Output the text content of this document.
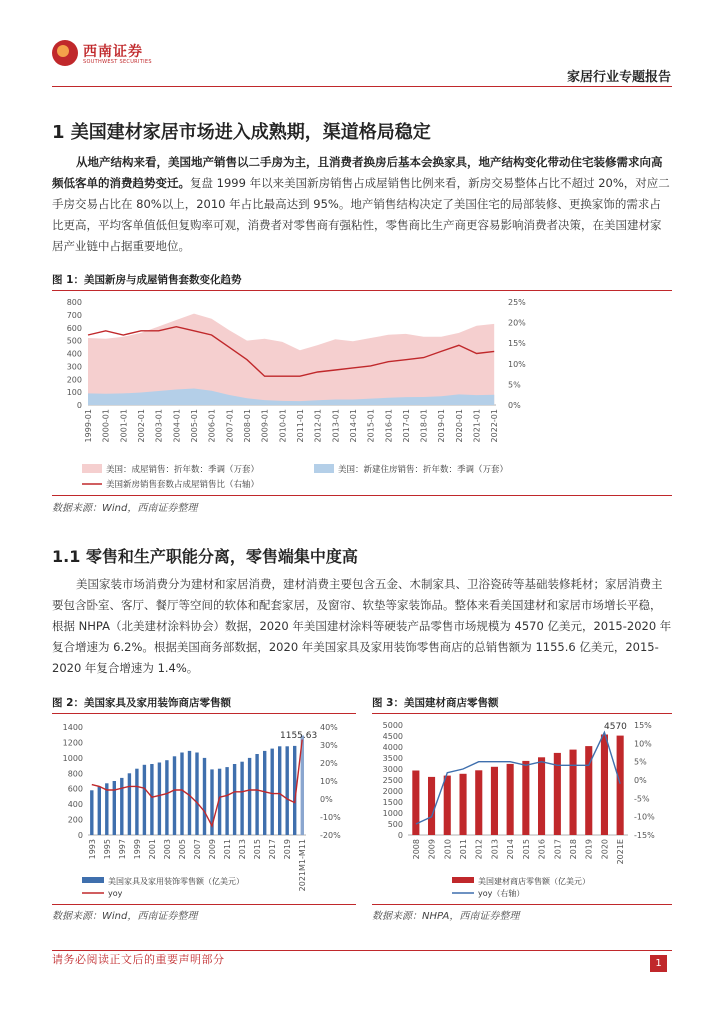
西南证券
SOUTHWEST SECURITIES
家居行业专题报告
1 美国建材家居市场进入成熟期，渠道格局稳定
从地产结构来看，美国地产销售以二手房为主，且消费者换房后基本会换家具，地产结构变化带动住宅装修需求向高频低客单的消费趋势变迁。复盘 1999 年以来美国新房销售占成屋销售比例来看，新房交易整体占比不超过 20%，对应二手房交易占比在 80%以上，2010 年占比最高达到 95%。地产销售结构决定了美国住宅的局部装修、更换家饰的需求占比更高，平均客单值低但复购率可观，消费者对零售商有强粘性，零售商比生产商更容易影响消费者决策，在美国建材家居产业链中占据重要地位。
图 1：美国新房与成屋销售套数变化趋势
0
100
200
300
400
500
600
700
800
0%
5%
10%
15%
20%
25%
1999-01 2000-01 2001-01 2002-01 2003-01 2004-01 2005-01 2006-01 2007-01 2008-01 2009-01 2010-01 2011-01 2012-01 2013-01 2014-01 2015-01 2016-01 2017-01 2018-01 2019-01 2020-01 2021-01 2022-01
美国：成屋销售：折年数：季调（万套）	美国：新建住房销售：折年数：季调（万套）
美国新房销售套数占成屋销售比（右轴）
数据来源：Wind，西南证券整理
1.1 零售和生产职能分离，零售端集中度高
美国家装市场消费分为建材和家居消费，建材消费主要包含五金、木制家具、卫浴瓷砖等基础装修耗材；家居消费主要包含卧室、客厅、餐厅等空间的软体和配套家居，及窗帘、软垫等家装饰品。整体来看美国建材和家居市场增长平稳，根据 NHPA（北美建材涂料协会）数据，2020 年美国建材涂料等硬装产品零售市场规模为 4570 亿美元，2015-2020 年复合增速为 6.2%。根据美国商务部数据，2020 年美国家具及家用装饰零售商店的总销售额为 1155.6 亿美元，2015-2020 年复合增速为 1.4%。
图 2：美国家具及家用装饰商店零售额
0
200
400
600
800
1000
1200
1400
-20%
-10%
0%
10%
20%
30%
40%
1993 1995 1997 1999 2001 2003 2005 2007 2009 2011 2013 2015 2017 2019 2021M1-M11
1155.63
美国家具及家用装饰零售额（亿美元）
yoy
数据来源：Wind，西南证券整理
图 3：美国建材商店零售额
0
500
1000
1500
2000
2500
3000
3500
4000
4500
5000
-15%
-10%
-5%
0%
5%
10%
15%
2008 2009 2010 2011 2012 2013 2014 2015 2016 2017 2018 2019 2020 2021E
4570
美国建材商店零售额（亿美元）
yoy（右轴）
数据来源：NHPA，西南证券整理
请务必阅读正文后的重要声明部分	1
